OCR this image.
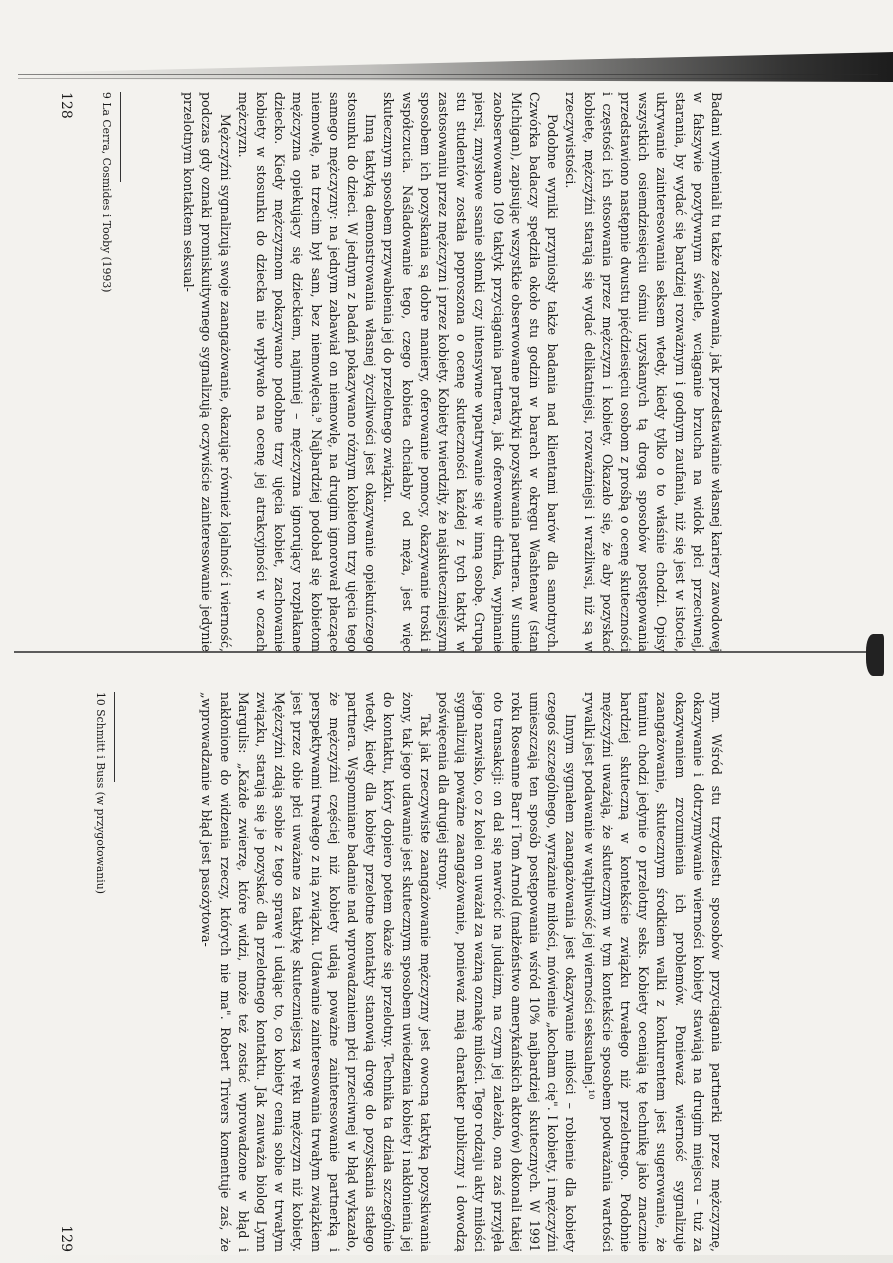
Badani wymieniali tu także zachowania, jak przedstawianie własnej kariery zawodowej w fałszywie pozytywnym świetle, wciąganie brzucha na widok płci przeciwnej, starania, by wydać się bardziej rozważnym i godnym zaufania, niż się jest w istocie, ukrywanie zainteresowania seksem wtedy, kiedy tylko o to właśnie chodzi. Opisy wszystkich osiemdziesięciu ośmiu uzyskanych tą drogą sposobów postępowania przedstawiono następnie dwustu pięćdziesięciu osobom z prośbą o ocenę skuteczności i częstości ich stosowania przez mężczyzn i kobiety. Okazało się, że aby pozyskać kobietę, mężczyźni starają się wydać delikatniejsi, rozważniejsi i wrażliwsi, niż są w rzeczywistości.

Podobne wyniki przyniosły także badania nad klientami barów dla samotnych. Czwórka badaczy spędziła około stu godzin w barach w okręgu Washtenaw (stan Michigan), zapisując wszystkie obserwowane praktyki pozyskiwania partnera. W sumie zaobserwowano 109 taktyk przyciągania partnera, jak oferowanie drinka, wypinanie piersi, zmysłowe ssanie słomki czy intensywne wpatrywanie się w inną osobę. Grupa stu studentów została poproszona o ocenę skuteczności każdej z tych taktyk w zastosowaniu przez mężczyzn i przez kobiety. Kobiety twierdziły, że najskuteczniejszym sposobem ich pozyskania są dobre maniery, oferowanie pomocy, okazywanie troski i współczucia. Naśladowanie tego, czego kobieta chciałaby od męża, jest więc skutecznym sposobem przywabienia jej do przelotnego związku.

Inną taktyką demonstrowania własnej życzliwości jest okazywanie opiekuńczego stosunku do dzieci. W jednym z badań pokazywano różnym kobietom trzy ujęcia tego samego mężczyzny: na jednym zabawiał on niemowlę, na drugim ignorował płaczące niemowlę, na trzecim był sam, bez niemowlęcia.⁹ Najbardziej podobał się kobietom mężczyzna opiekujący się dzieckiem, najmniej – mężczyzna ignorujący rozpłakane dziecko. Kiedy mężczyznom pokazywano podobne trzy ujęcia kobiet, zachowanie kobiety w stosunku do dziecka nie wpływało na ocenę jej atrakcyjności w oczach mężczyzn.

Mężczyźni sygnalizują swoje zaangażowanie, okazując również lojalność i wierność, podczas gdy oznaki promiskuitywnego sygnalizują oczywiście zainteresowanie jedynie przelotnym kontaktem seksual-

9 La Cerra, Cosmides i Tooby (1993)
128

nym. Wśród stu trzydziestu sposobów przyciągania partnerki przez mężczyznę, okazywanie i dotrzymywanie wierności kobiety stawiają na drugim miejscu – tuż za okazywaniem zrozumienia ich problemów. Ponieważ wierność sygnalizuje zaangażowanie, skutecznym środkiem walki z konkurentem jest sugerowanie, że taminu chodzi jedynie o przelotny seks. Kobiety oceniają tę technikę jako znacznie bardziej skuteczną w kontekście związku trwałego niż przelotnego. Podobnie mężczyźni uważają, że skutecznym w tym kontekście sposobem podważania wartości rywalki jest podawanie w wątpliwość jej wierności seksualnej.¹⁰

Innym sygnałem zaangażowania jest okazywanie miłości – robienie dla kobiety czegoś szczególnego, wyrażanie miłości, mówienie „kocham cię". I kobiety, i mężczyźni umieszczają ten sposób postępowania wśród 10% najbardziej skutecznych. W 1991 roku Roseanne Barr i Tom Arnold (małżeństwo amerykańskich aktorów) dokonali takiej oto transakcji: on dał się nawrócić na judaizm, na czym jej zależało, ona zaś przyjęła jego nazwisko, co z kolei on uważał za ważną oznakę miłości. Tego rodzaju akty miłości sygnalizują poważne zaangażowanie, ponieważ mają charakter publiczny i dowodzą poświęcenia dla drugiej strony.

Tak jak rzeczywiste zaangażowanie mężczyzny jest owocną taktyką pozyskiwania żony, tak jego udawanie jest skutecznym sposobem uwiedzenia kobiety i nakłonienia jej do kontaktu, który dopiero potem okaże się przelotny. Technika ta działa szczególnie wtedy, kiedy dla kobiety przelotne kontakty stanowią drogę do pozyskania stałego partnera. Wspomniane badanie nad wprowadzaniem płci przeciwnej w błąd wykazało, że mężczyźni częściej niż kobiety udają poważne zainteresowanie partnerką i perspektywami trwałego z nią związku. Udawanie zainteresowania trwałym związkiem jest przez obie płci uważane za taktykę skuteczniejszą w ręku mężczyzn niż kobiety. Mężczyźni zdają sobie z tego sprawę i udając to, co kobiety cenią sobie w trwałym związku, starają się je pozyskać dla przelotnego kontaktu. Jak zauważa biolog Lynn Margulis: „Każde zwierzę, które widzi, może też zostać wprowadzone w błąd i nakłonione do widzenia rzeczy, których nie ma". Robert Trivers komentuje zaś, że „wprowadzanie w błąd jest pasożytowa-

10 Schmitt i Buss (w przygotowaniu)
129
